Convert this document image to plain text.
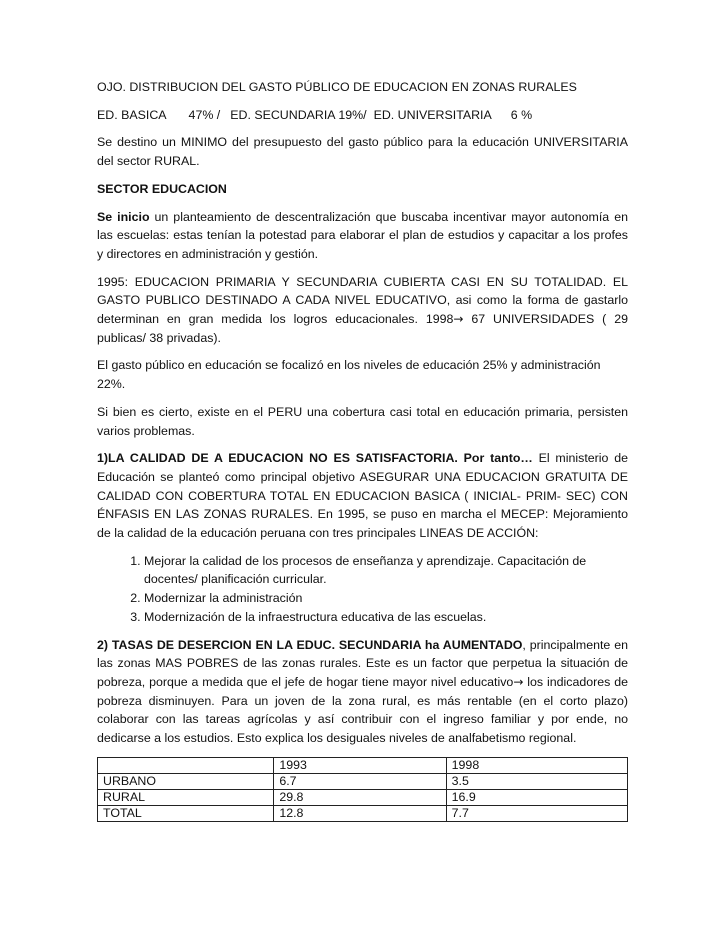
OJO. DISTRIBUCION DEL GASTO PÚBLICO DE EDUCACION EN ZONAS RURALES

ED. BASICA 47% / ED. SECUNDARIA 19%/ ED. UNIVERSITARIA 6 %

Se destino un MINIMO del presupuesto del gasto público para la educación UNIVERSITARIA del sector RURAL.

SECTOR EDUCACION

Se inicio un planteamiento de descentralización que buscaba incentivar mayor autonomía en las escuelas: estas tenían la potestad para elaborar el plan de estudios y capacitar a los profes y directores en administración y gestión.

1995: EDUCACION PRIMARIA Y SECUNDARIA CUBIERTA CASI EN SU TOTALIDAD. EL GASTO PUBLICO DESTINADO A CADA NIVEL EDUCATIVO, asi como la forma de gastarlo determinan en gran medida los logros educacionales. 1998→ 67 UNIVERSIDADES ( 29 publicas/ 38 privadas).

El gasto público en educación se focalizó en los niveles de educación 25% y administración 22%.

Si bien es cierto, existe en el PERU una cobertura casi total en educación primaria, persisten varios problemas.

1)LA CALIDAD DE A EDUCACION NO ES SATISFACTORIA. Por tanto… El ministerio de Educación se planteó como principal objetivo ASEGURAR UNA EDUCACION GRATUITA DE CALIDAD CON COBERTURA TOTAL EN EDUCACION BASICA ( INICIAL- PRIM- SEC) CON ÉNFASIS EN LAS ZONAS RURALES. En 1995, se puso en marcha el MECEP: Mejoramiento de la calidad de la educación peruana con tres principales LINEAS DE ACCIÓN:

1. Mejorar la calidad de los procesos de enseñanza y aprendizaje. Capacitación de docentes/ planificación curricular.
2. Modernizar la administración
3. Modernización de la infraestructura educativa de las escuelas.

2) TASAS DE DESERCION EN LA EDUC. SECUNDARIA ha AUMENTADO, principalmente en las zonas MAS POBRES de las zonas rurales. Este es un factor que perpetua la situación de pobreza, porque a medida que el jefe de hogar tiene mayor nivel educativo→ los indicadores de pobreza disminuyen. Para un joven de la zona rural, es más rentable (en el corto plazo) colaborar con las tareas agrícolas y así contribuir con el ingreso familiar y por ende, no dedicarse a los estudios. Esto explica los desiguales niveles de analfabetismo regional.

	1993	1998
URBANO	6.7	3.5
RURAL	29.8	16.9
TOTAL	12.8	7.7
